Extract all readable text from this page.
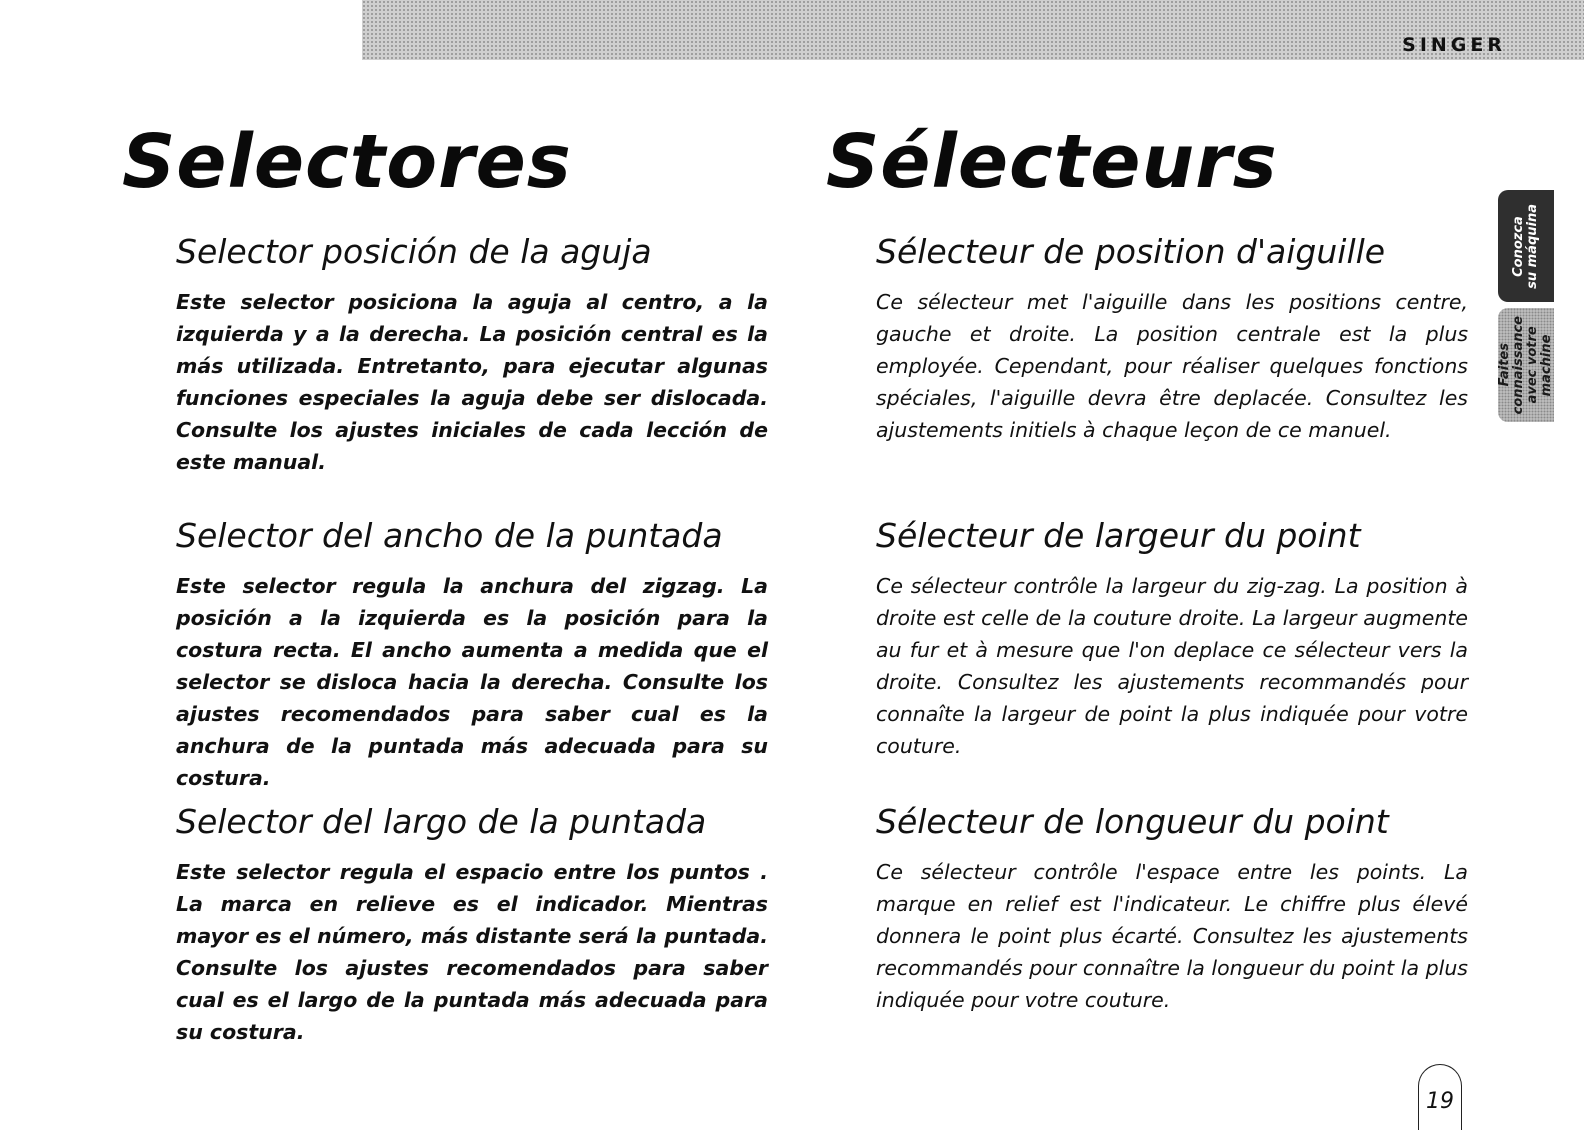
SINGER
Selectores	Sélecteurs
Selector posición de la aguja

Este selector posiciona la aguja al centro, a la izquierda y a la derecha. La posición central es la más utilizada. Entretanto, para ejecutar algunas funciones especiales la aguja debe ser dislocada. Consulte los ajustes iniciales de cada lección de este manual.

Selector del ancho de la puntada

Este selector regula la anchura del zigzag. La posición a la izquierda es la posición para la costura recta. El ancho aumenta a medida que el selector se disloca hacia la derecha. Consulte los ajustes recomendados para saber cual es la anchura de la puntada más adecuada para su costura.

Selector del largo de la puntada

Este selector regula el espacio entre los puntos . La marca en relieve es el indicador. Mientras mayor es el número, más distante será la puntada. Consulte los ajustes recomendados para saber cual es el largo de la puntada más adecuada para su costura.

Sélecteur de position d'aiguille

Ce sélecteur met l'aiguille dans les positions centre, gauche et droite. La position centrale est la plus employée. Cependant, pour réaliser quelques fonctions spéciales, l'aiguille devra être deplacée. Consultez les ajustements initiels à chaque leçon de ce manuel.

Sélecteur de largeur du point

Ce sélecteur contrôle la largeur du zig-zag. La position à droite est celle de la couture droite. La largeur augmente au fur et à mesure que l'on deplace ce sélecteur vers la droite. Consultez les ajustements recommandés pour connaîte la largeur de point la plus indiquée pour votre couture.

Sélecteur de longueur du point

Ce sélecteur contrôle l'espace entre les points. La marque en relief est l'indicateur. Le chiffre plus élevé donnera le point plus écarté. Consultez les ajustements recommandés pour connaître la longueur du point la plus indiquée pour votre couture.

Conozca
su máquina
Faites
connaissance
avec votre
machine
19
